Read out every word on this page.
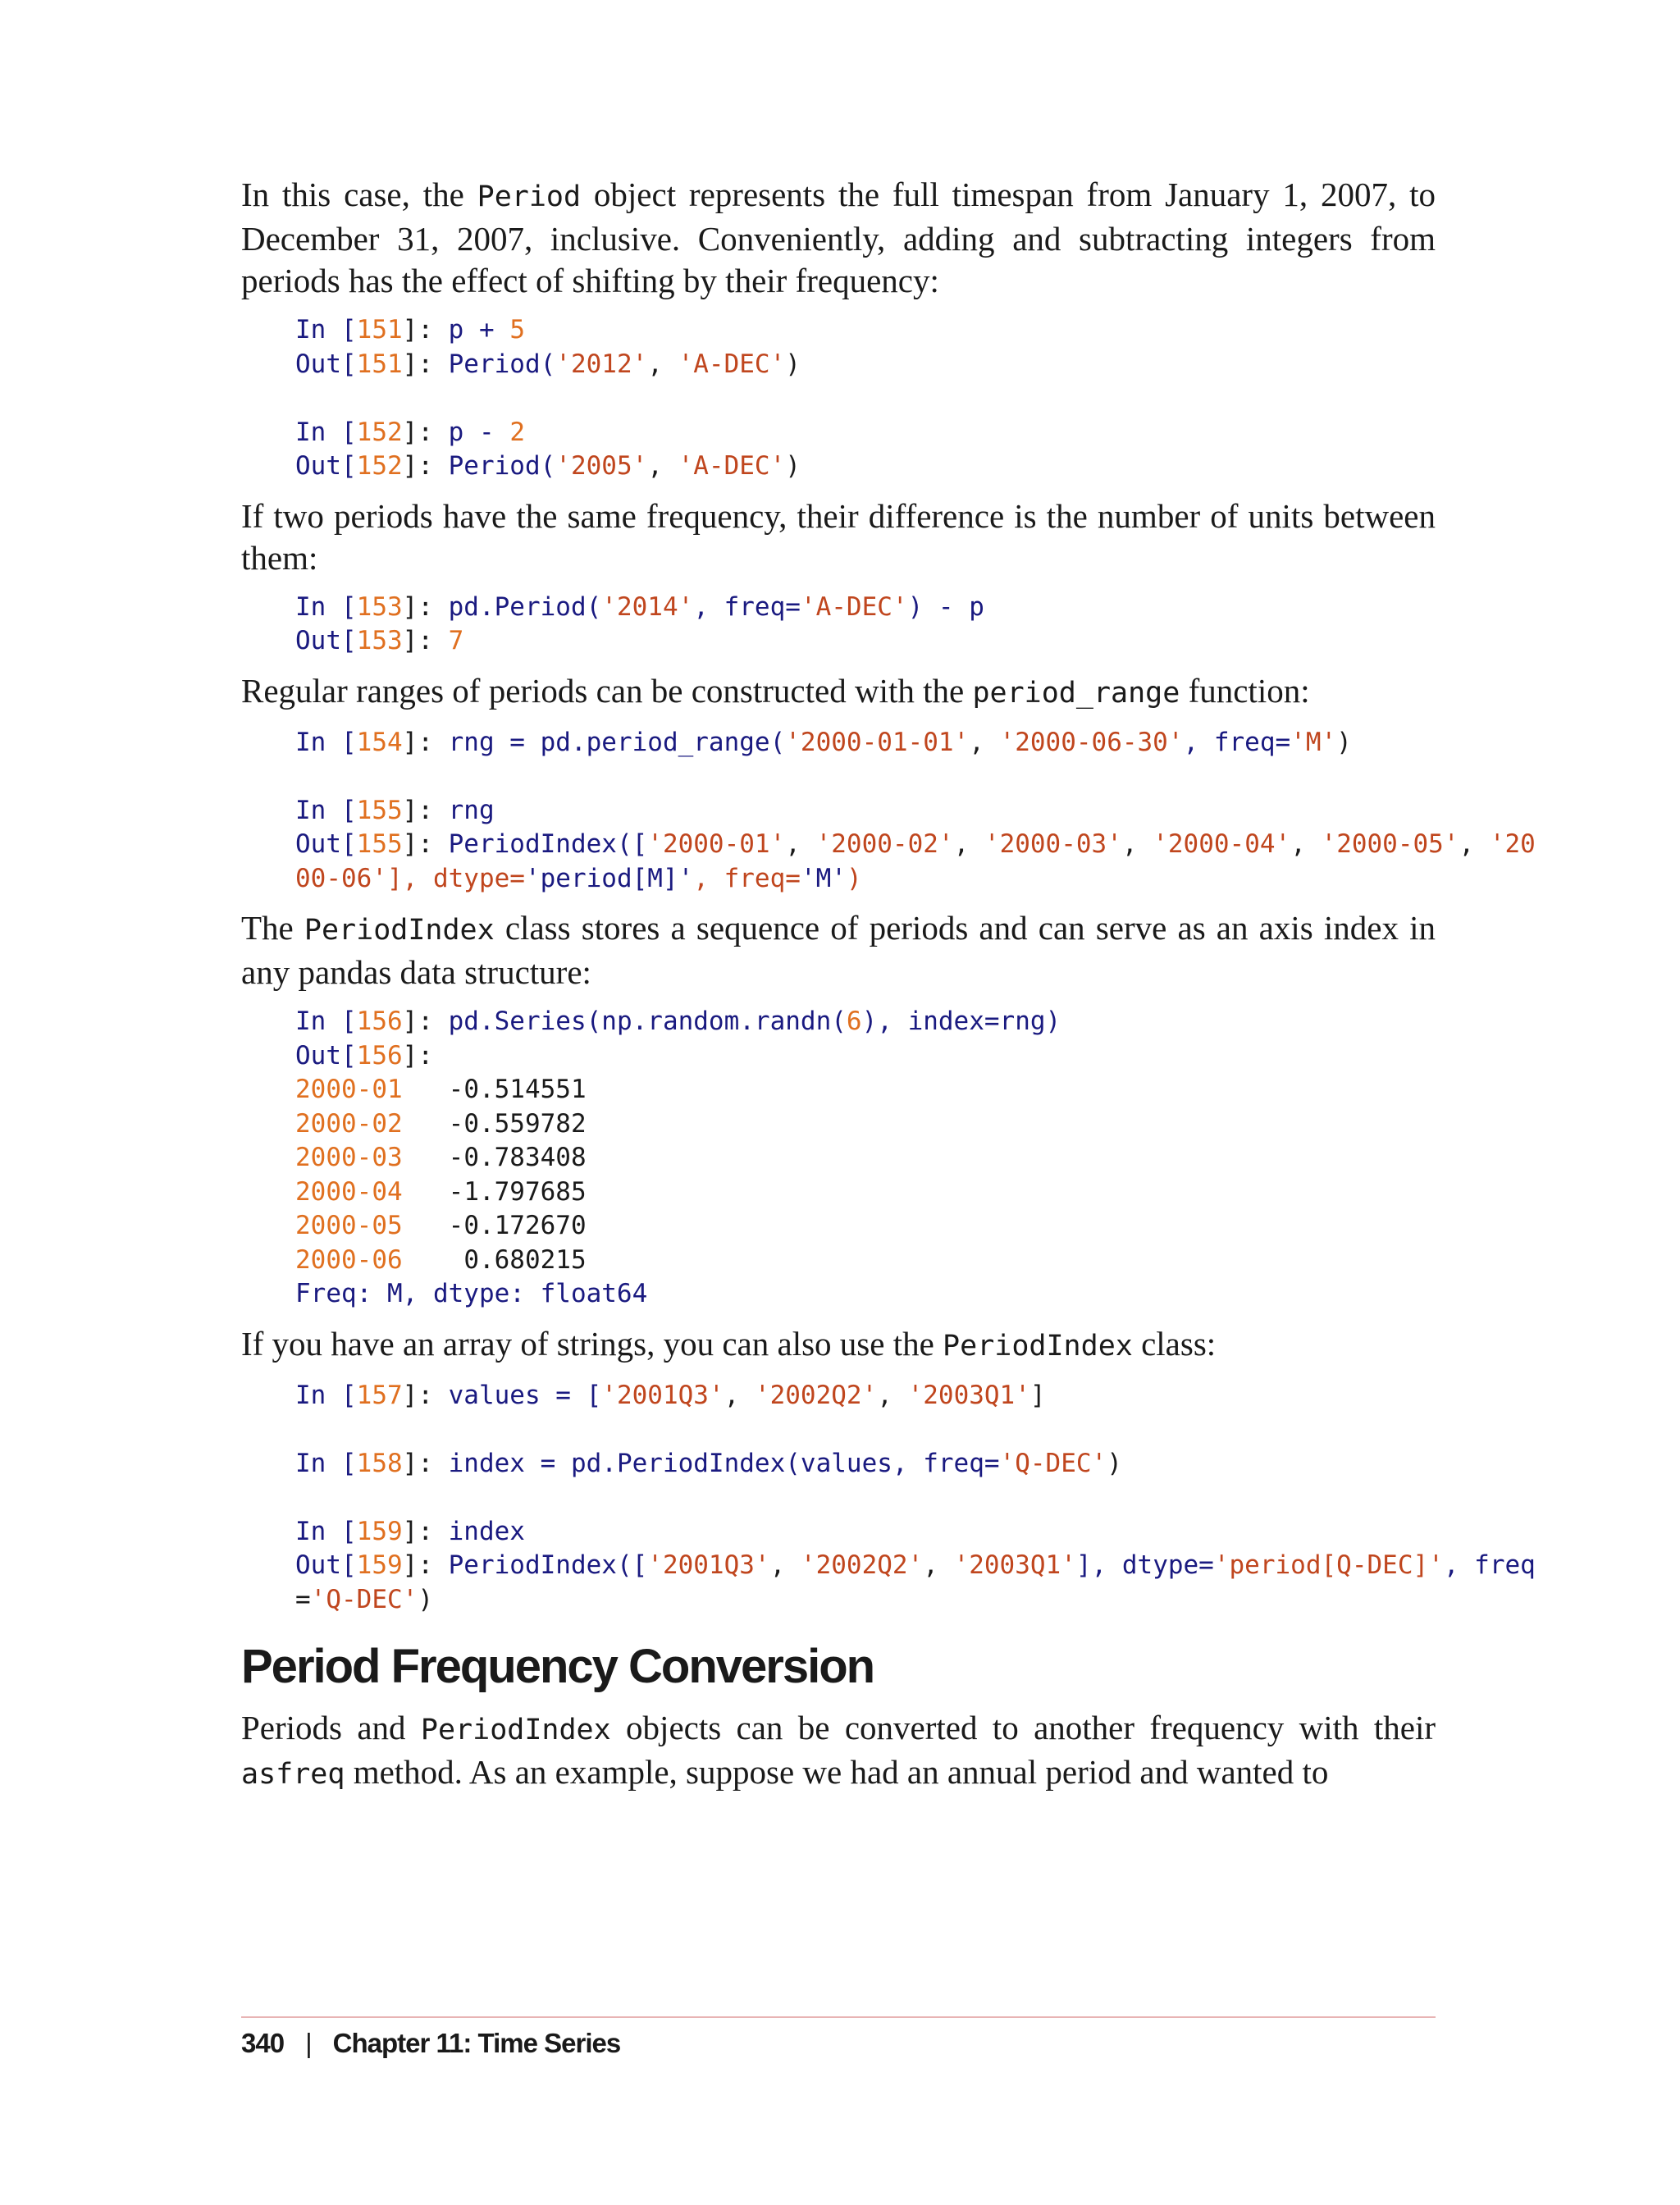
In this case, the Period object represents the full timespan from January 1, 2007, to December 31, 2007, inclusive. Conveniently, adding and subtracting integers from periods has the effect of shifting by their frequency:

In [151]: p + 5
Out[151]: Period('2012', 'A-DEC')

In [152]: p - 2
Out[152]: Period('2005', 'A-DEC')

If two periods have the same frequency, their difference is the number of units between them:

In [153]: pd.Period('2014', freq='A-DEC') - p
Out[153]: 7

Regular ranges of periods can be constructed with the period_range function:

In [154]: rng = pd.period_range('2000-01-01', '2000-06-30', freq='M')

In [155]: rng
Out[155]: PeriodIndex(['2000-01', '2000-02', '2000-03', '2000-04', '2000-05', '20
00-06'], dtype='period[M]', freq='M')

The PeriodIndex class stores a sequence of periods and can serve as an axis index in any pandas data structure:

In [156]: pd.Series(np.random.randn(6), index=rng)
Out[156]:
2000-01 -0.514551
2000-02 -0.559782
2000-03 -0.783408
2000-04 -1.797685
2000-05 -0.172670
2000-06    0.680215
Freq: M, dtype: float64

If you have an array of strings, you can also use the PeriodIndex class:

In [157]: values = ['2001Q3', '2002Q2', '2003Q1']

In [158]: index = pd.PeriodIndex(values, freq='Q-DEC')

In [159]: index
Out[159]: PeriodIndex(['2001Q3', '2002Q2', '2003Q1'], dtype='period[Q-DEC]', freq
='Q-DEC')
Period Frequency Conversion

Periods and PeriodIndex objects can be converted to another frequency with their asfreq method. As an example, suppose we had an annual period and wanted to

340 | Chapter 11: Time Series
